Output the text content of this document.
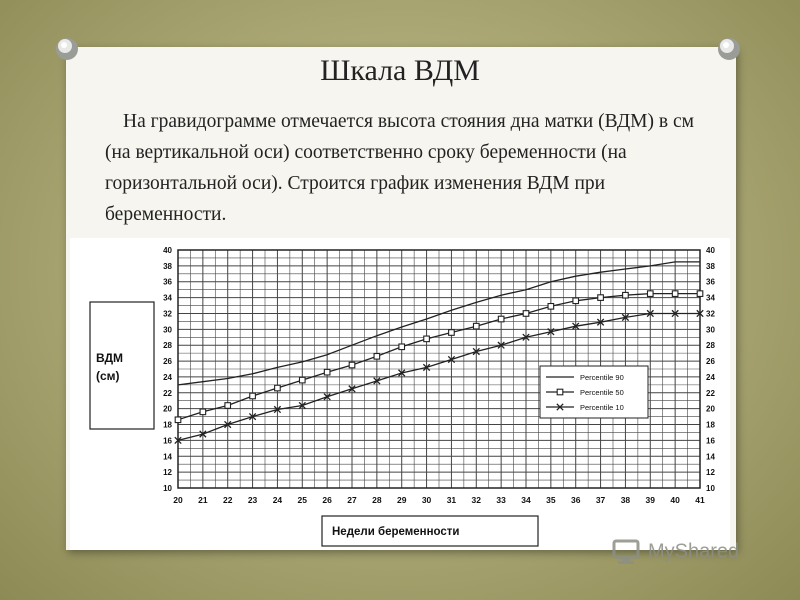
Шкала ВДМ
На гравидограмме отмечается высота стояния дна матки (ВДМ) в см (на вертикальной оси) соответственно сроку беременности (на горизонтальной оси). Строится график изменения ВДМ при беременности.
10	10
12	12
14	14
16	16
18	18
20	20
22	22
24	24
26	26
28	28
30	30
32	32
34	34
36	36
38	38
40	40
20 21 22 23 24 25 26 27 28 29 30 31 32 33 34 35 36 37 38 39 40 41
ВДМ
(см)
Недели беременности
Percentile 90
Percentile 50
Percentile 10
MyShared
